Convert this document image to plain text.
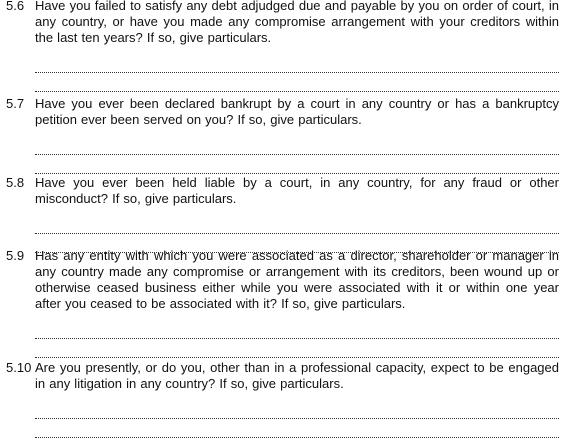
5.6 Have you failed to satisfy any debt adjudged due and payable by you on order of court, in any country, or have you made any compromise arrangement with your creditors within the last ten years? If so, give particulars.
5.7 Have you ever been declared bankrupt by a court in any country or has a bankruptcy petition ever been served on you? If so, give particulars.
5.8 Have you ever been held liable by a court, in any country, for any fraud or other misconduct? If so, give particulars.
5.9 Has any entity with which you were associated as a director, shareholder or manager in any country made any compromise or arrangement with its creditors, been wound up or otherwise ceased business either while you were associated with it or within one year after you ceased to be associated with it? If so, give particulars.
5.10 Are you presently, or do you, other than in a professional capacity, expect to be engaged in any litigation in any country? If so, give particulars.
